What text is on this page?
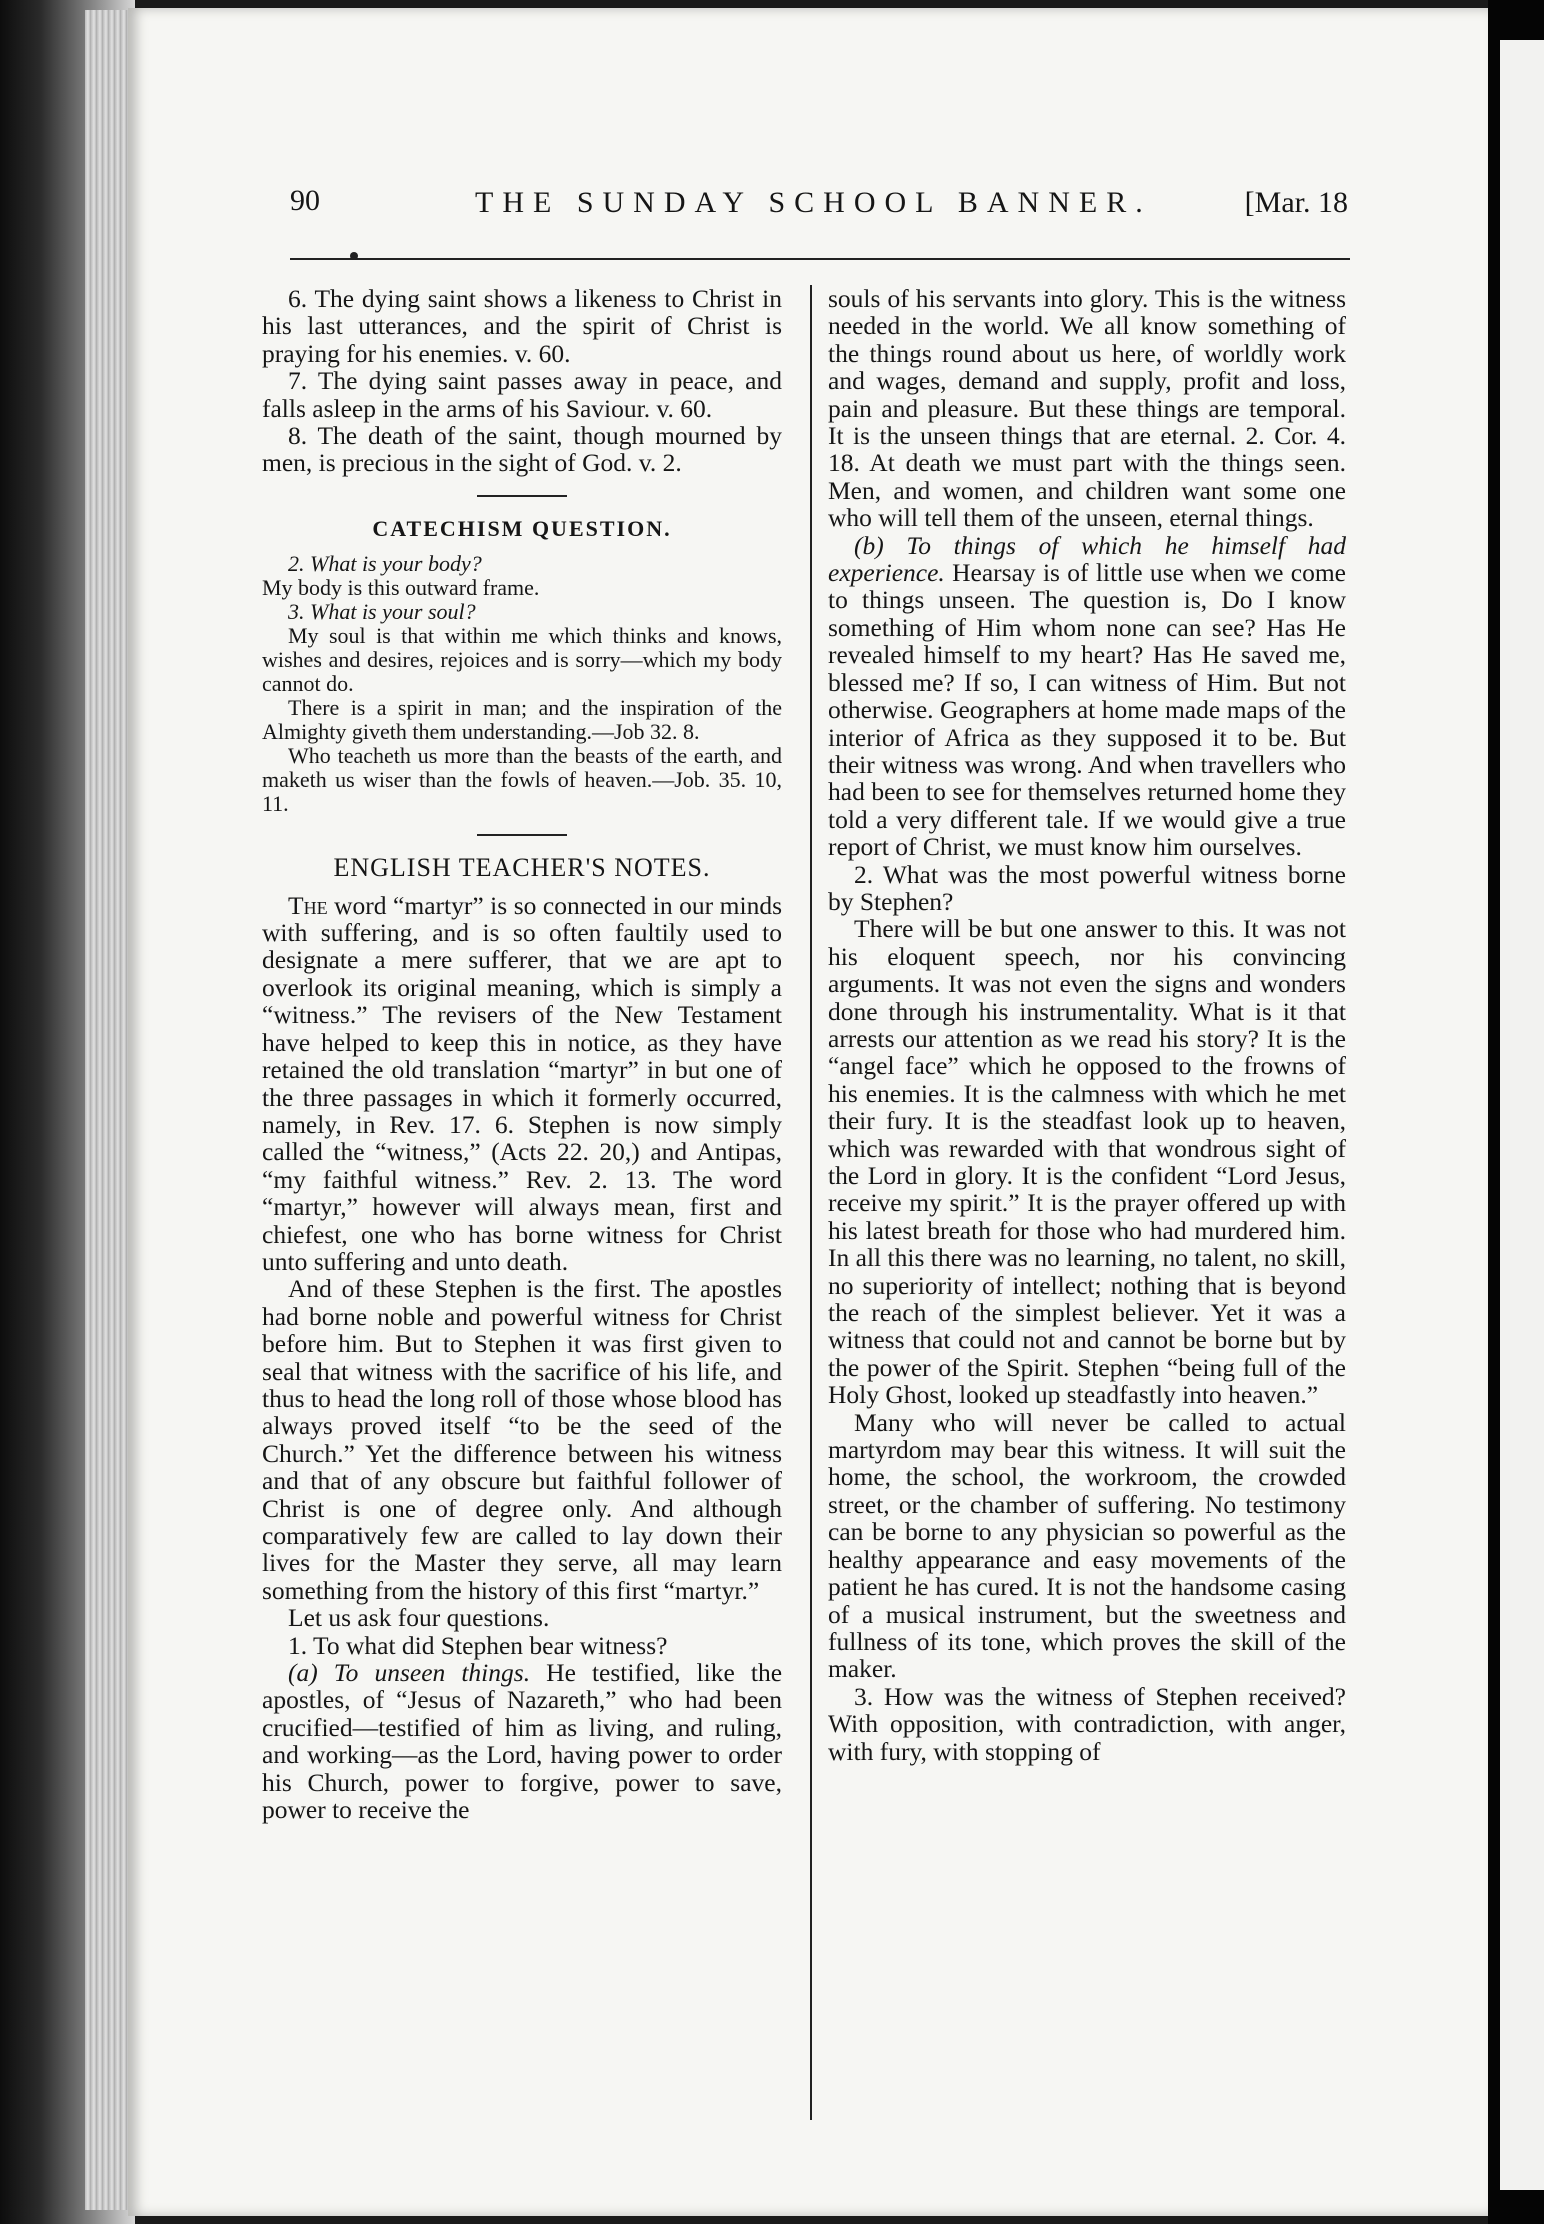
90	THE SUNDAY SCHOOL BANNER.	[Mar. 18

6. The dying saint shows a likeness to Christ in his last utterances, and the spirit of Christ is praying for his enemies. v. 60.

7. The dying saint passes away in peace, and falls asleep in the arms of his Saviour. v. 60.

8. The death of the saint, though mourned by men, is precious in the sight of God. v. 2.

CATECHISM QUESTION.

2. What is your body?

My body is this outward frame.

3. What is your soul?

My soul is that within me which thinks and knows, wishes and desires, rejoices and is sorry—which my body cannot do.

There is a spirit in man; and the inspiration of the Almighty giveth them understanding.—Job 32. 8.

Who teacheth us more than the beasts of the earth, and maketh us wiser than the fowls of heaven.—Job. 35. 10, 11.

ENGLISH TEACHER'S NOTES.

The word “martyr” is so connected in our minds with suffering, and is so often faultily used to designate a mere sufferer, that we are apt to overlook its original meaning, which is simply a “witness.” The revisers of the New Testament have helped to keep this in notice, as they have retained the old translation “martyr” in but one of the three passages in which it formerly occurred, namely, in Rev. 17. 6. Stephen is now simply called the “witness,” (Acts 22. 20,) and Antipas, “my faithful witness.” Rev. 2. 13. The word “martyr,” however will always mean, first and chiefest, one who has borne witness for Christ unto suffering and unto death.

And of these Stephen is the first. The apostles had borne noble and powerful witness for Christ before him. But to Stephen it was first given to seal that witness with the sacrifice of his life, and thus to head the long roll of those whose blood has always proved itself “to be the seed of the Church.” Yet the difference between his witness and that of any obscure but faithful follower of Christ is one of degree only. And although comparatively few are called to lay down their lives for the Master they serve, all may learn something from the history of this first “martyr.”

Let us ask four questions.

1. To what did Stephen bear witness?

(a) To unseen things. He testified, like the apostles, of “Jesus of Nazareth,” who had been crucified—testified of him as living, and ruling, and working—as the Lord, having power to order his Church, power to forgive, power to save, power to receive the

souls of his servants into glory. This is the witness needed in the world. We all know something of the things round about us here, of worldly work and wages, demand and supply, profit and loss, pain and pleasure. But these things are temporal. It is the unseen things that are eternal. 2. Cor. 4. 18. At death we must part with the things seen. Men, and women, and children want some one who will tell them of the unseen, eternal things.

(b) To things of which he himself had experience. Hearsay is of little use when we come to things unseen. The question is, Do I know something of Him whom none can see? Has He revealed himself to my heart? Has He saved me, blessed me? If so, I can witness of Him. But not otherwise. Geographers at home made maps of the interior of Africa as they supposed it to be. But their witness was wrong. And when travellers who had been to see for themselves returned home they told a very different tale. If we would give a true report of Christ, we must know him ourselves.

2. What was the most powerful witness borne by Stephen?

There will be but one answer to this. It was not his eloquent speech, nor his convincing arguments. It was not even the signs and wonders done through his instrumentality. What is it that arrests our attention as we read his story? It is the “angel face” which he opposed to the frowns of his enemies. It is the calmness with which he met their fury. It is the steadfast look up to heaven, which was rewarded with that wondrous sight of the Lord in glory. It is the confident “Lord Jesus, receive my spirit.” It is the prayer offered up with his latest breath for those who had murdered him. In all this there was no learning, no talent, no skill, no superiority of intellect; nothing that is beyond the reach of the simplest believer. Yet it was a witness that could not and cannot be borne but by the power of the Spirit. Stephen “being full of the Holy Ghost, looked up steadfastly into heaven.”

Many who will never be called to actual martyrdom may bear this witness. It will suit the home, the school, the workroom, the crowded street, or the chamber of suffering. No testimony can be borne to any physician so powerful as the healthy appearance and easy movements of the patient he has cured. It is not the handsome casing of a musical instrument, but the sweetness and fullness of its tone, which proves the skill of the maker.

3. How was the witness of Stephen received? With opposition, with contradiction, with anger, with fury, with stopping of
